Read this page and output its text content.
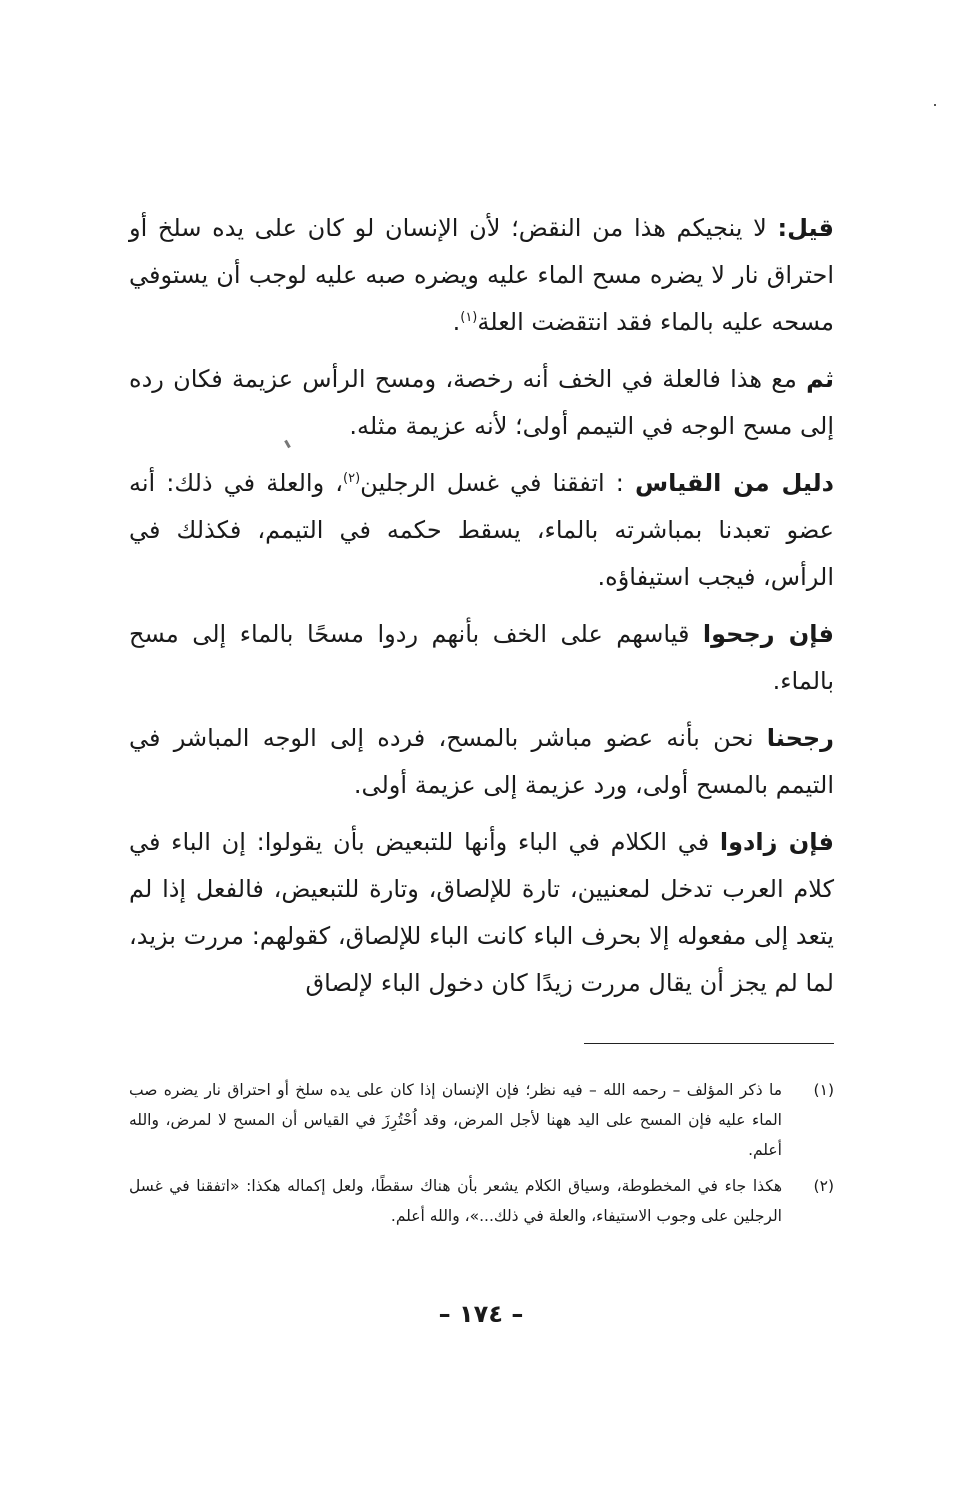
قيل: لا ينجيكم هذا من النقض؛ لأن الإنسان لو كان على يده سلخ أو احتراق نار لا يضره مسح الماء عليه ويضره صبه عليه لوجب أن يستوفي مسحه عليه بالماء فقد انتقضت العلة$^{(١)}$.

ثم مع هذا فالعلة في الخف أنه رخصة، ومسح الرأس عزيمة فكان رده إلى مسح الوجه في التيمم أولى؛ لأنه عزيمة مثله.

دليل من القياس : اتفقنا في غسل الرجلين$^{(٢)}$، والعلة في ذلك: أنه عضو تعبدنا بمباشرته بالماء، يسقط حكمه في التيمم، فكذلك في الرأس، فيجب استيفاؤه.

فإن رجحوا قياسهم على الخف بأنهم ردوا مسحًا بالماء إلى مسح بالماء.

رجحنا نحن بأنه عضو مباشر بالمسح، فرده إلى الوجه المباشر في التيمم بالمسح أولى، ورد عزيمة إلى عزيمة أولى.

فإن زادوا في الكلام في الباء وأنها للتبعيض بأن يقولوا: إن الباء في كلام العرب تدخل لمعنيين، تارة للإلصاق، وتارة للتبعيض، فالفعل إذا لم يتعد إلى مفعوله إلا بحرف الباء كانت الباء للإلصاق، كقولهم: مررت بزيد، لما لم يجز أن يقال مررت زيدًا كان دخول الباء لإلصاق

(١)
ما ذكر المؤلف – رحمه الله – فيه نظر؛ فإن الإنسان إذا كان على يده سلخ أو احتراق نار يضره صب الماء عليه فإن المسح على اليد ههنا لأجل المرض، وقد اُحْتُرِزَ في القياس أن المسح لا لمرض، والله أعلم.
(٢)
هكذا جاء في المخطوطة، وسياق الكلام يشعر بأن هناك سقطًا، ولعل إكماله هكذا: «اتفقنا في غسل الرجلين على وجوب الاستيفاء، والعلة في ذلك...»، والله أعلم.
– ١٧٤ –
